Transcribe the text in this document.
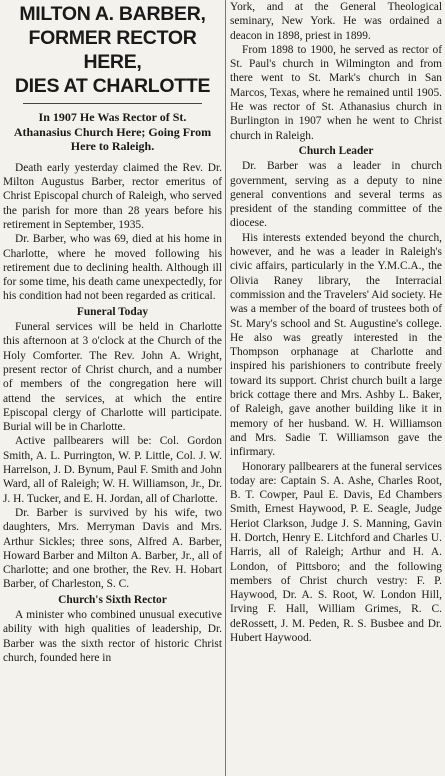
MILTON A. BARBER,
FORMER RECTOR HERE,
DIES AT CHARLOTTE
In 1907 He Was Rector of St. Athanasius Church Here; Going From Here to Raleigh.

Death early yesterday claimed the Rev. Dr. Milton Augustus Barber, rector emeritus of Christ Episcopal church of Raleigh, who served the parish for more than 28 years before his retirement in September, 1935.

Dr. Barber, who was 69, died at his home in Charlotte, where he moved following his retirement due to declining health. Although ill for some time, his death came unexpectedly, for his condition had not been regarded as critical.

Funeral Today

Funeral services will be held in Charlotte this afternoon at 3 o'clock at the Church of the Holy Comforter. The Rev. John A. Wright, present rector of Christ church, and a number of members of the congregation here will attend the services, at which the entire Episcopal clergy of Charlotte will participate. Burial will be in Charlotte.

Active pallbearers will be: Col. Gordon Smith, A. L. Purrington, W. P. Little, Col. J. W. Harrelson, J. D. Bynum, Paul F. Smith and John Ward, all of Raleigh; W. H. Williamson, Jr., Dr. J. H. Tucker, and E. H. Jordan, all of Charlotte.

Dr. Barber is survived by his wife, two daughters, Mrs. Merryman Davis and Mrs. Arthur Sickles; three sons, Alfred A. Barber, Howard Barber and Milton A. Barber, Jr., all of Charlotte; and one brother, the Rev. H. Hobart Barber, of Charleston, S. C.

Church's Sixth Rector

A minister who combined unusual executive ability with high qualities of leadership, Dr. Barber was the sixth rector of historic Christ church, founded here in

York, and at the General Theological seminary, New York. He was ordained a deacon in 1898, priest in 1899.

From 1898 to 1900, he served as rector of St. Paul's church in Wilmington and from there went to St. Mark's church in San Marcos, Texas, where he remained until 1905. He was rector of St. Athanasius church in Burlington in 1907 when he went to Christ church in Raleigh.

Church Leader

Dr. Barber was a leader in church government, serving as a deputy to nine general conventions and several terms as president of the standing committee of the diocese.

His interests extended beyond the church, however, and he was a leader in Raleigh's civic affairs, particularly in the Y.M.C.A., the Olivia Raney library, the Interracial commission and the Travelers' Aid society. He was a member of the board of trustees both of St. Mary's school and St. Augustine's college. He also was greatly interested in the Thompson orphanage at Charlotte and inspired his parishioners to contribute freely toward its support. Christ church built a large brick cottage there and Mrs. Ashby L. Baker, of Raleigh, gave another building like it in memory of her husband. W. H. Williamson and Mrs. Sadie T. Williamson gave the infirmary.

Honorary pallbearers at the funeral services today are: Captain S. A. Ashe, Charles Root, B. T. Cowper, Paul E. Davis, Ed Chambers Smith, Ernest Haywood, P. E. Seagle, Judge Heriot Clarkson, Judge J. S. Manning, Gavin H. Dortch, Henry E. Litchford and Charles U. Harris, all of Raleigh; Arthur and H. A. London, of Pittsboro; and the following members of Christ church vestry: F. P. Haywood, Dr. A. S. Root, W. London Hill, Irving F. Hall, William Grimes, R. C. deRossett, J. M. Peden, R. S. Busbee and Dr. Hubert Haywood.
